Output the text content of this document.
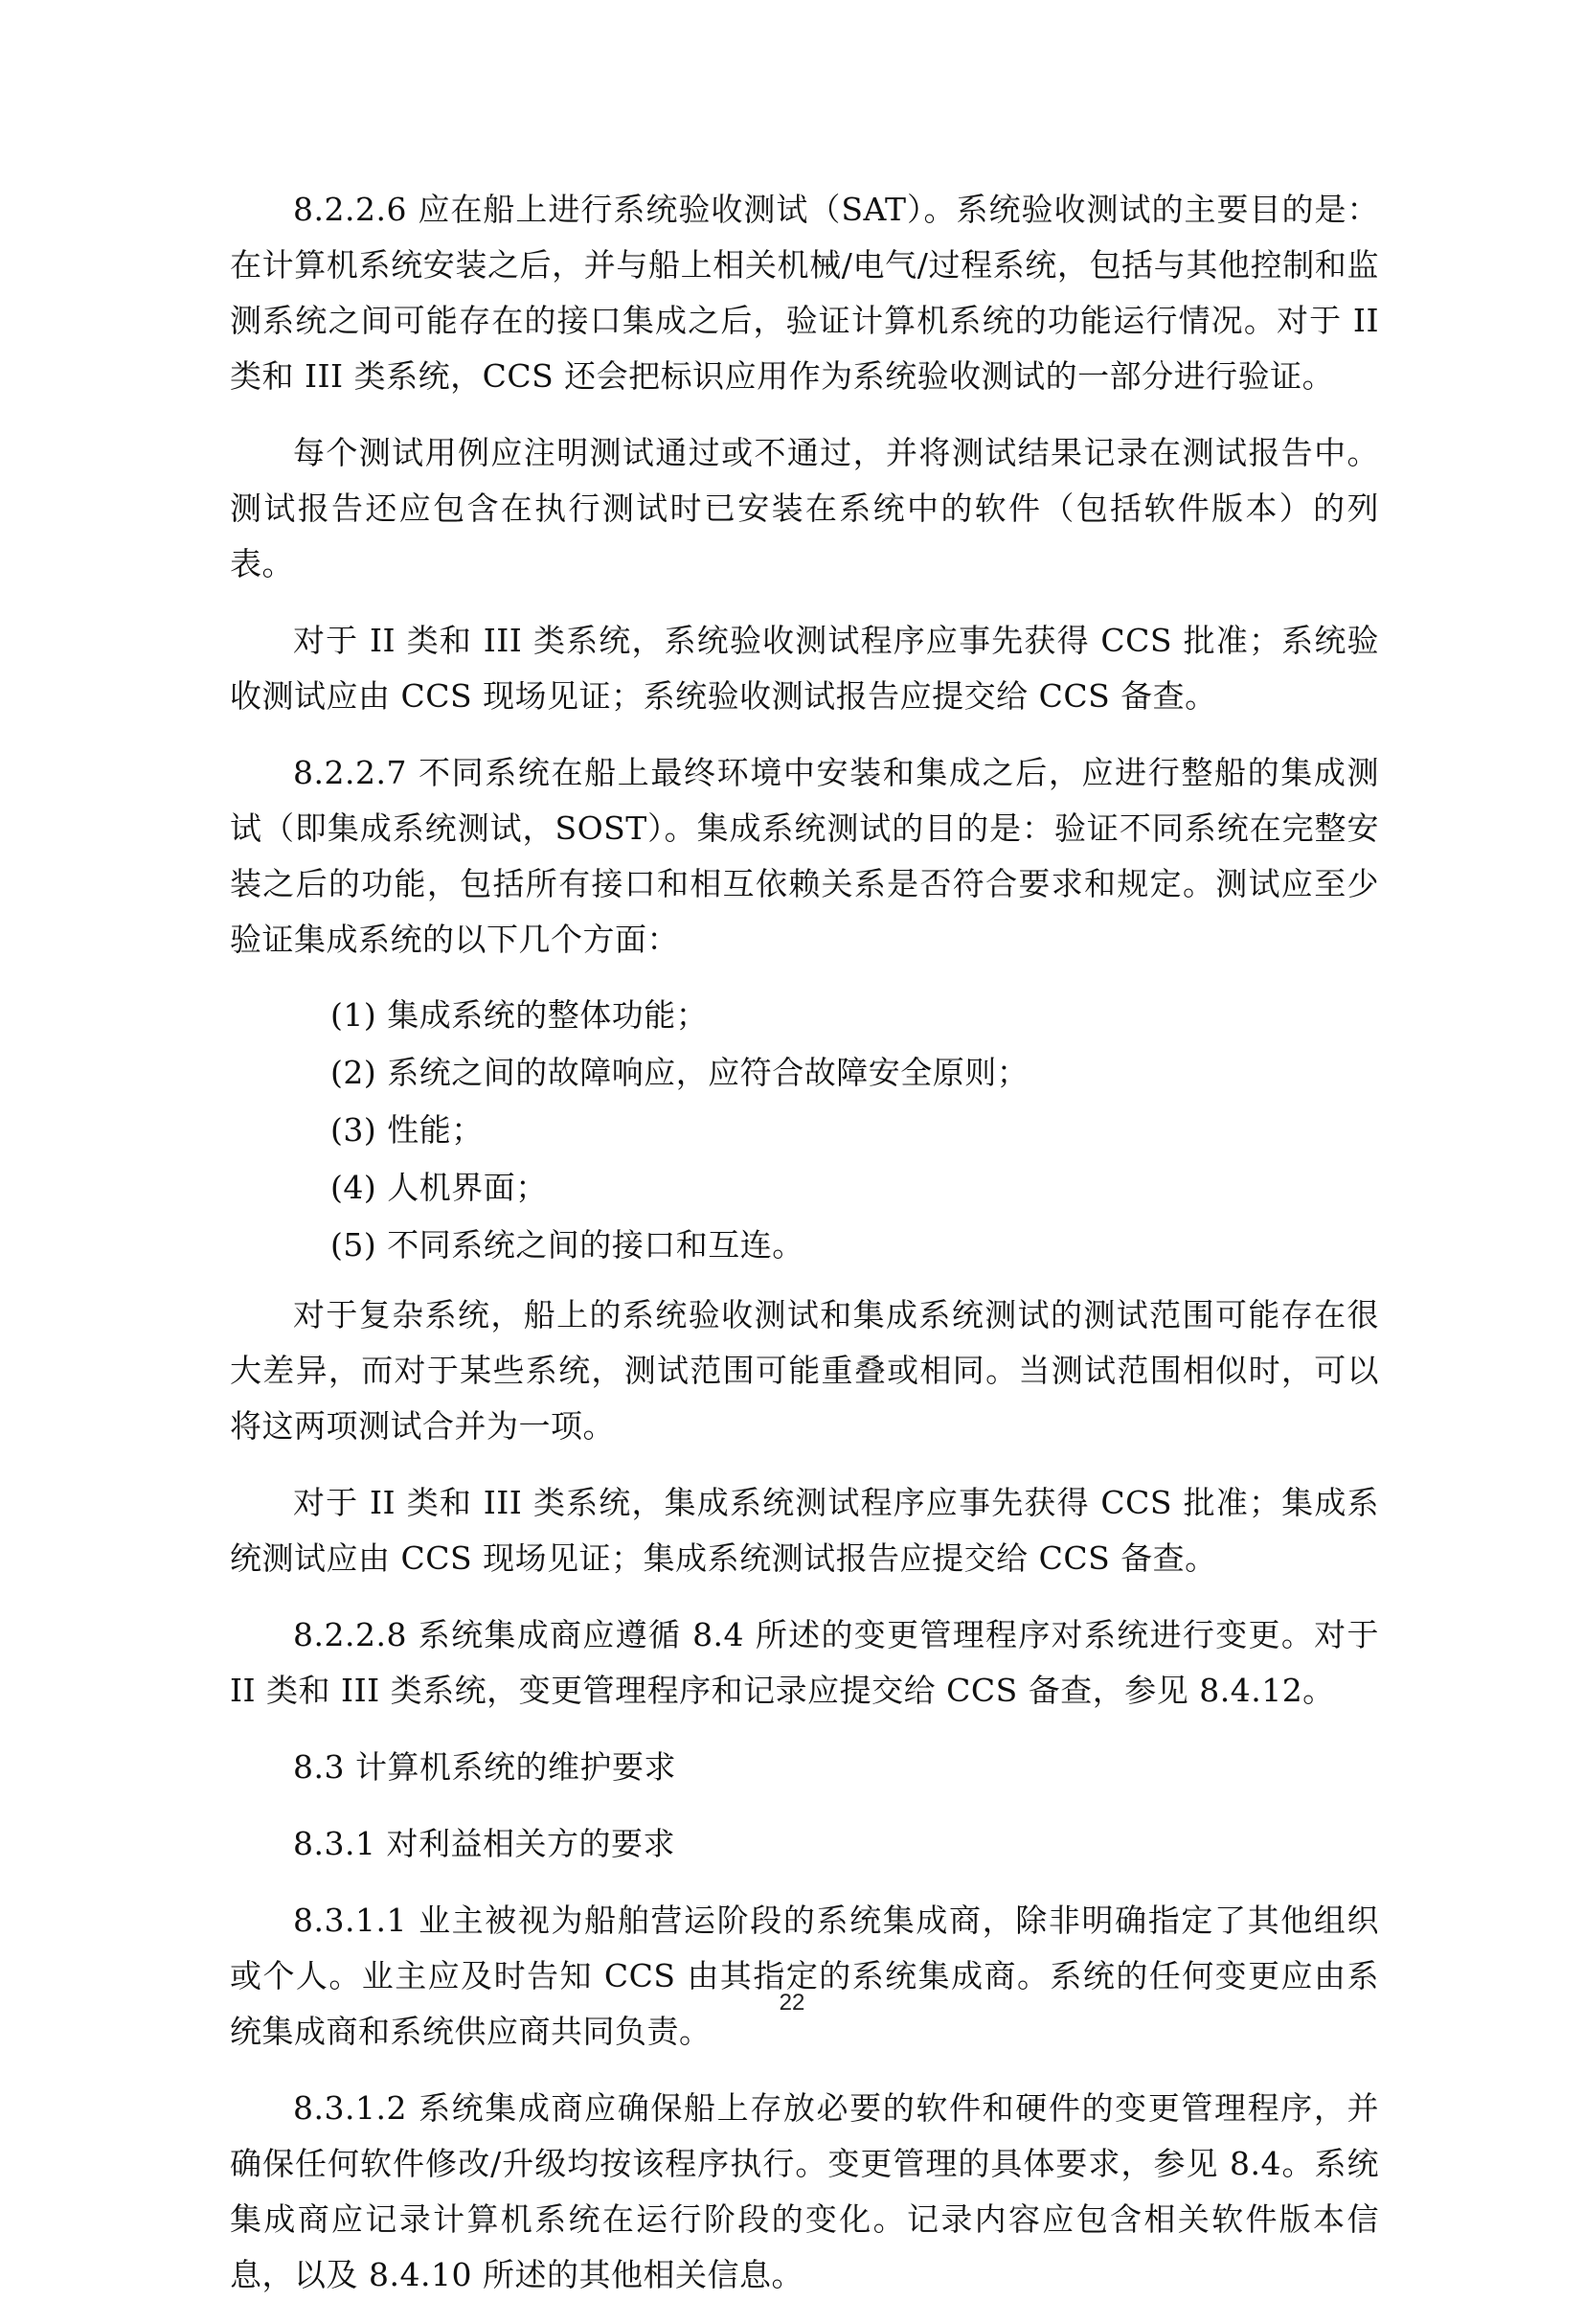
8.2.2.6 应在船上进行系统验收测试（SAT）。系统验收测试的主要目的是：在计算机系统安装之后，并与船上相关机械/电气/过程系统，包括与其他控制和监测系统之间可能存在的接口集成之后，验证计算机系统的功能运行情况。对于 II 类和 III 类系统，CCS 还会把标识应用作为系统验收测试的一部分进行验证。

每个测试用例应注明测试通过或不通过，并将测试结果记录在测试报告中。测试报告还应包含在执行测试时已安装在系统中的软件（包括软件版本）的列表。

对于 II 类和 III 类系统，系统验收测试程序应事先获得 CCS 批准；系统验收测试应由 CCS 现场见证；系统验收测试报告应提交给 CCS 备查。

8.2.2.7 不同系统在船上最终环境中安装和集成之后，应进行整船的集成测试（即集成系统测试，SOST）。集成系统测试的目的是：验证不同系统在完整安装之后的功能，包括所有接口和相互依赖关系是否符合要求和规定。测试应至少验证集成系统的以下几个方面：

(1) 集成系统的整体功能；

(2) 系统之间的故障响应，应符合故障安全原则；

(3) 性能；

(4) 人机界面；

(5) 不同系统之间的接口和互连。

对于复杂系统，船上的系统验收测试和集成系统测试的测试范围可能存在很大差异，而对于某些系统，测试范围可能重叠或相同。当测试范围相似时，可以将这两项测试合并为一项。

对于 II 类和 III 类系统，集成系统测试程序应事先获得 CCS 批准；集成系统测试应由 CCS 现场见证；集成系统测试报告应提交给 CCS 备查。

8.2.2.8 系统集成商应遵循 8.4 所述的变更管理程序对系统进行变更。对于 II 类和 III 类系统，变更管理程序和记录应提交给 CCS 备查，参见 8.4.12。

8.3 计算机系统的维护要求

8.3.1 对利益相关方的要求

8.3.1.1 业主被视为船舶营运阶段的系统集成商，除非明确指定了其他组织或个人。业主应及时告知 CCS 由其指定的系统集成商。系统的任何变更应由系统集成商和系统供应商共同负责。

8.3.1.2 系统集成商应确保船上存放必要的软件和硬件的变更管理程序，并确保任何软件修改/升级均按该程序执行。变更管理的具体要求，参见 8.4。系统集成商应记录计算机系统在运行阶段的变化。记录内容应包含相关软件版本信息，以及 8.4.10 所述的其他相关信息。

22
